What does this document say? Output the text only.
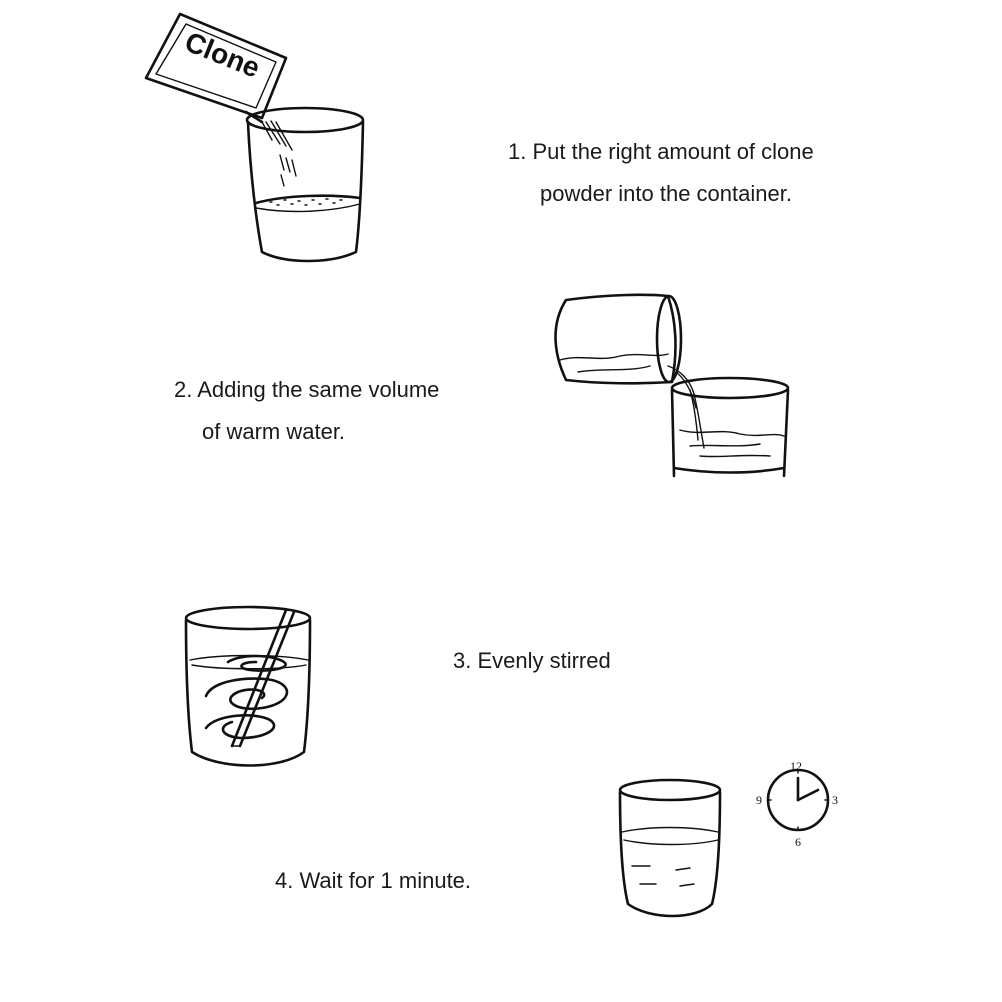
1. Put the right amount of clone
powder into the container.
2. Adding the same volume
of warm water.
3. Evenly stirred
4. Wait for 1 minute.
Clone
12
3
6
9
